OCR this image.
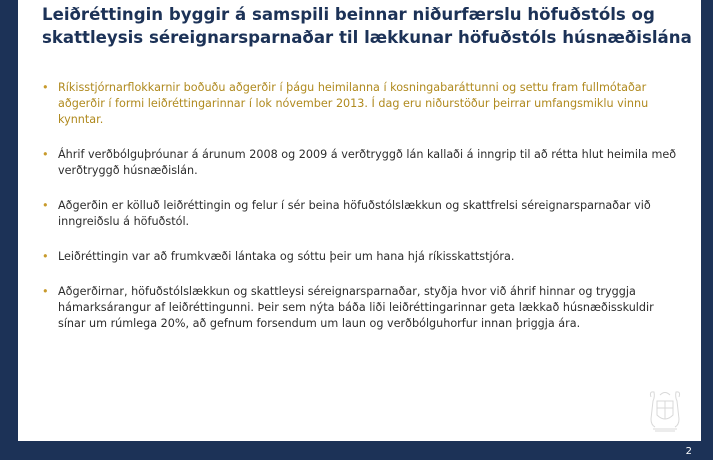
Leiðréttingin byggir á samspili beinnar niðurfærslu höfuðstóls og skattleysis séreignarsparnaðar til lækkunar höfuðstóls húsnæðislána
• Ríkisstjórnarflokkarnir boðuðu aðgerðir í þágu heimilanna í kosningabaráttunni og settu fram fullmótaðar aðgerðir í formi leiðréttingarinnar í lok nóvember 2013. Í dag eru niðurstöður þeirrar umfangsmiklu vinnu kynntar.
• Áhrif verðbólguþróunar á árunum 2008 og 2009 á verðtryggð lán kallaði á inngrip til að rétta hlut heimila með verðtryggð húsnæðislán.
• Aðgerðin er kölluð leiðréttingin og felur í sér beina höfuðstólslækkun og skattfrelsi séreignarsparnaðar við inngreiðslu á höfuðstól.
• Leiðréttingin var að frumkvæði lántaka og sóttu þeir um hana hjá ríkisskattstjóra.
• Aðgerðirnar, höfuðstólslækkun og skattleysi séreignarsparnaðar, styðja hvor við áhrif hinnar og tryggja hámarksárangur af leiðréttingunni. Þeir sem nýta báða liði leiðréttingarinnar geta lækkað húsnæðisskuldir sínar um rúmlega 20%, að gefnum forsendum um laun og verðbólguhorfur innan þriggja ára.
2
